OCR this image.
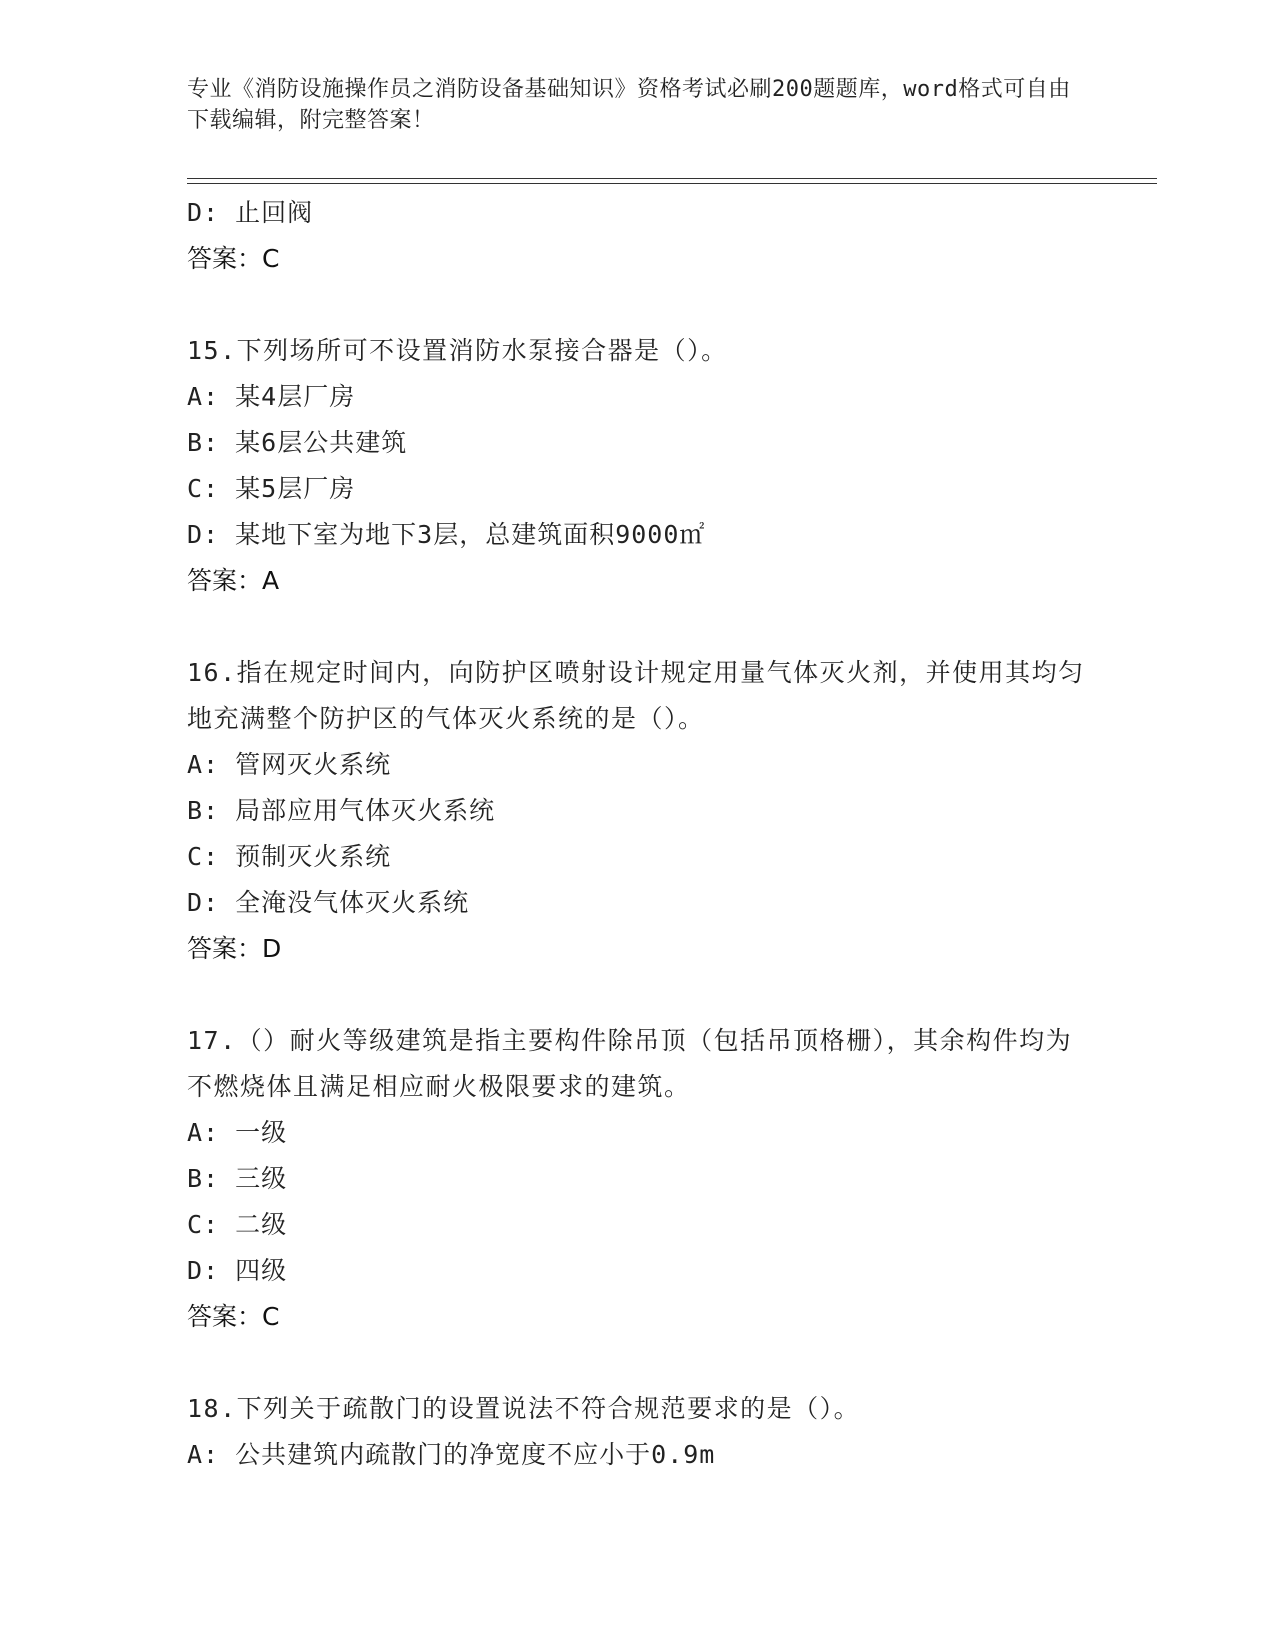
专业《消防设施操作员之消防设备基础知识》资格考试必刷200题题库，word格式可自由下载编辑，附完整答案！
D: 止回阀
答案：C
15.下列场所可不设置消防水泵接合器是（）。
A: 某4层厂房
B: 某6层公共建筑
C: 某5层厂房
D: 某地下室为地下3层，总建筑面积9000㎡
答案：A
16.指在规定时间内，向防护区喷射设计规定用量气体灭火剂，并使用其均匀地充满整个防护区的气体灭火系统的是（）。
A: 管网灭火系统
B: 局部应用气体灭火系统
C: 预制灭火系统
D: 全淹没气体灭火系统
答案：D
17.（）耐火等级建筑是指主要构件除吊顶（包括吊顶格栅），其余构件均为不燃烧体且满足相应耐火极限要求的建筑。
A: 一级
B: 三级
C: 二级
D: 四级
答案：C
18.下列关于疏散门的设置说法不符合规范要求的是（）。
A: 公共建筑内疏散门的净宽度不应小于0.9m
